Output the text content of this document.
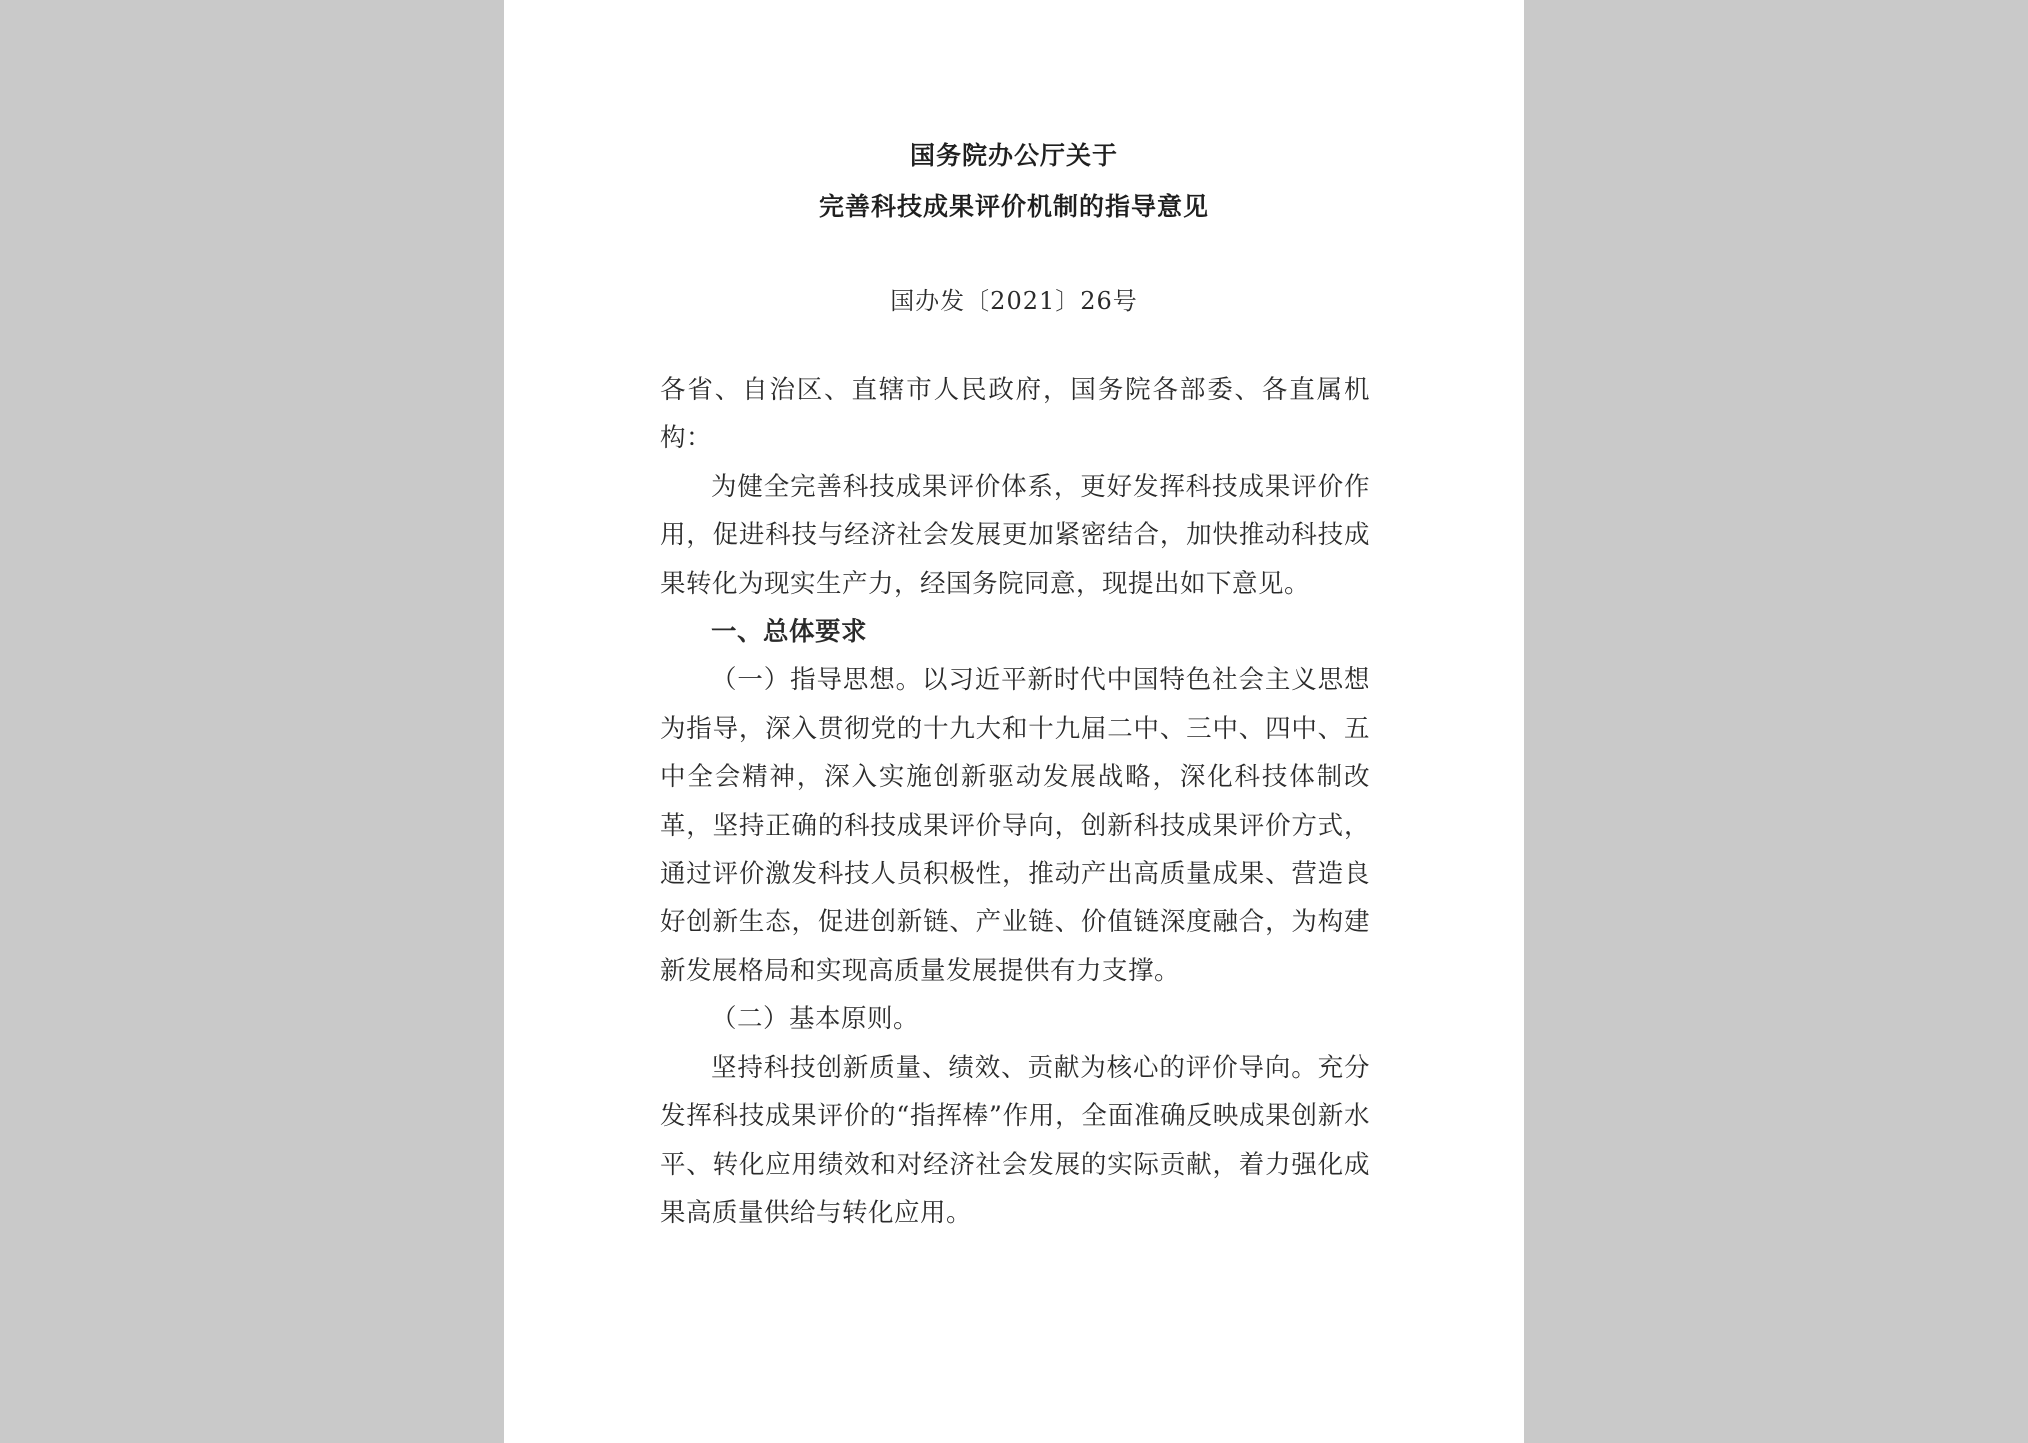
国务院办公厅关于
完善科技成果评价机制的指导意见
国办发〔2021〕26号

各省、自治区、直辖市人民政府，国务院各部委、各直属机构：

为健全完善科技成果评价体系，更好发挥科技成果评价作用，促进科技与经济社会发展更加紧密结合，加快推动科技成果转化为现实生产力，经国务院同意，现提出如下意见。

一、总体要求

（一）指导思想。以习近平新时代中国特色社会主义思想为指导，深入贯彻党的十九大和十九届二中、三中、四中、五中全会精神，深入实施创新驱动发展战略，深化科技体制改革，坚持正确的科技成果评价导向，创新科技成果评价方式，通过评价激发科技人员积极性，推动产出高质量成果、营造良好创新生态，促进创新链、产业链、价值链深度融合，为构建新发展格局和实现高质量发展提供有力支撑。

（二）基本原则。

坚持科技创新质量、绩效、贡献为核心的评价导向。充分发挥科技成果评价的“指挥棒”作用，全面准确反映成果创新水平、转化应用绩效和对经济社会发展的实际贡献，着力强化成果高质量供给与转化应用。
